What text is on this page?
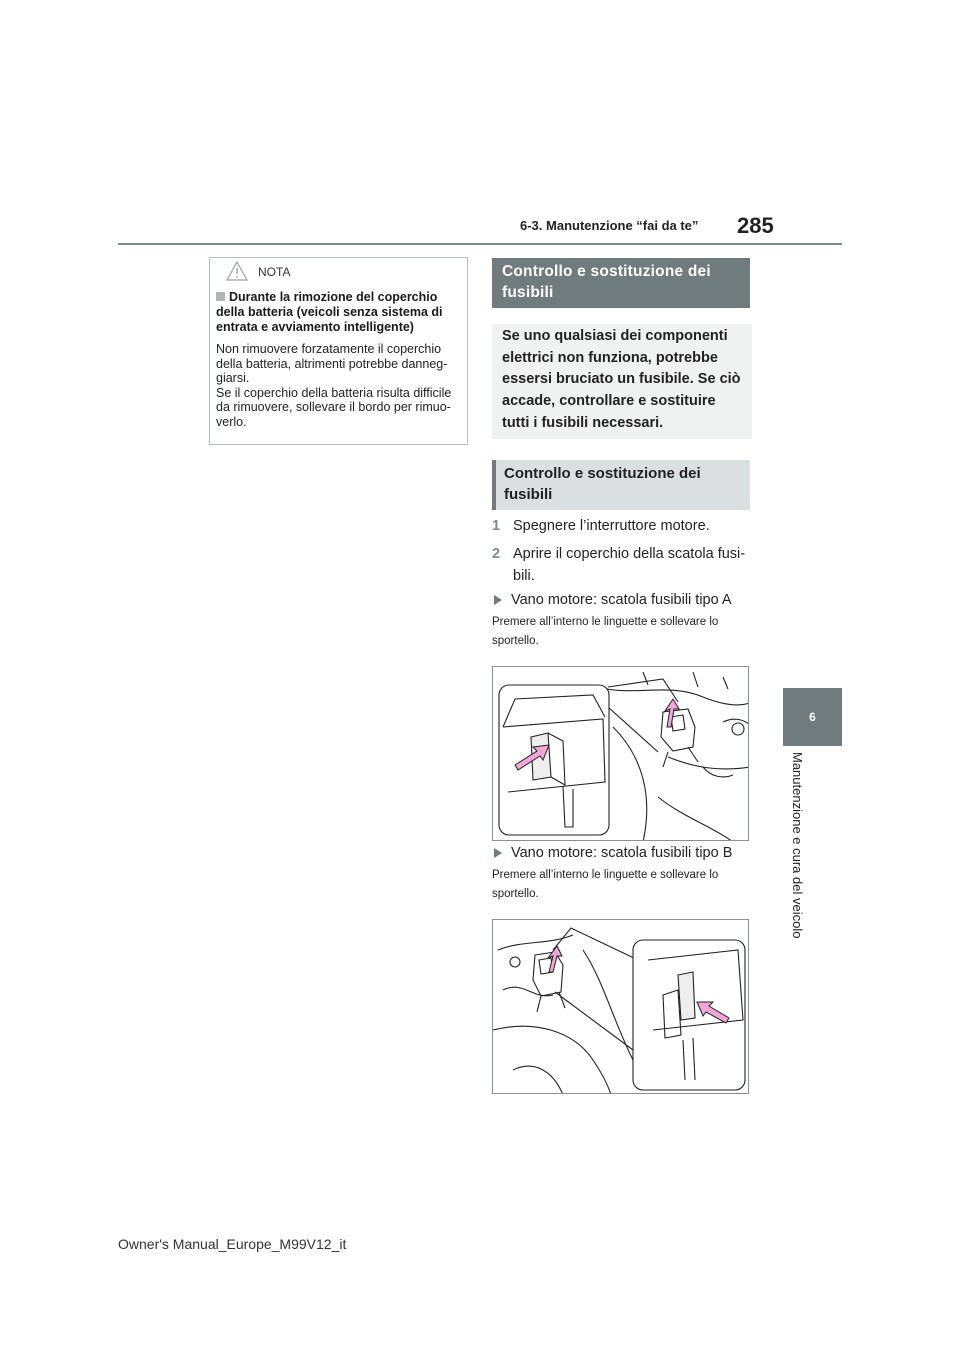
6-3. Manutenzione “fai da te” 285
6
Manutenzione e cura del veicolo
NOTA
Durante la rimozione del coperchio della batteria (veicoli senza sistema di entrata e avviamento intelligente)
Non rimuovere forzatamente il coperchio
della batteria, altrimenti potrebbe danneg-
giarsi.
Se il coperchio della batteria risulta difficile
da rimuovere, sollevare il bordo per rimuo-
verlo.
Controllo e sostituzione dei
fusibili
Se uno qualsiasi dei componenti
elettrici non funziona, potrebbe
essersi bruciato un fusibile. Se ciò
accade, controllare e sostituire
tutti i fusibili necessari.
Controllo e sostituzione dei
fusibili
1 Spegnere l’interruttore motore.
2 Aprire il coperchio della scatola fusi-
bili.
Vano motore: scatola fusibili tipo A
Premere all’interno le linguette e sollevare lo
sportello.
Vano motore: scatola fusibili tipo B
Premere all’interno le linguette e sollevare lo
sportello.
Owner's Manual_Europe_M99V12_it
